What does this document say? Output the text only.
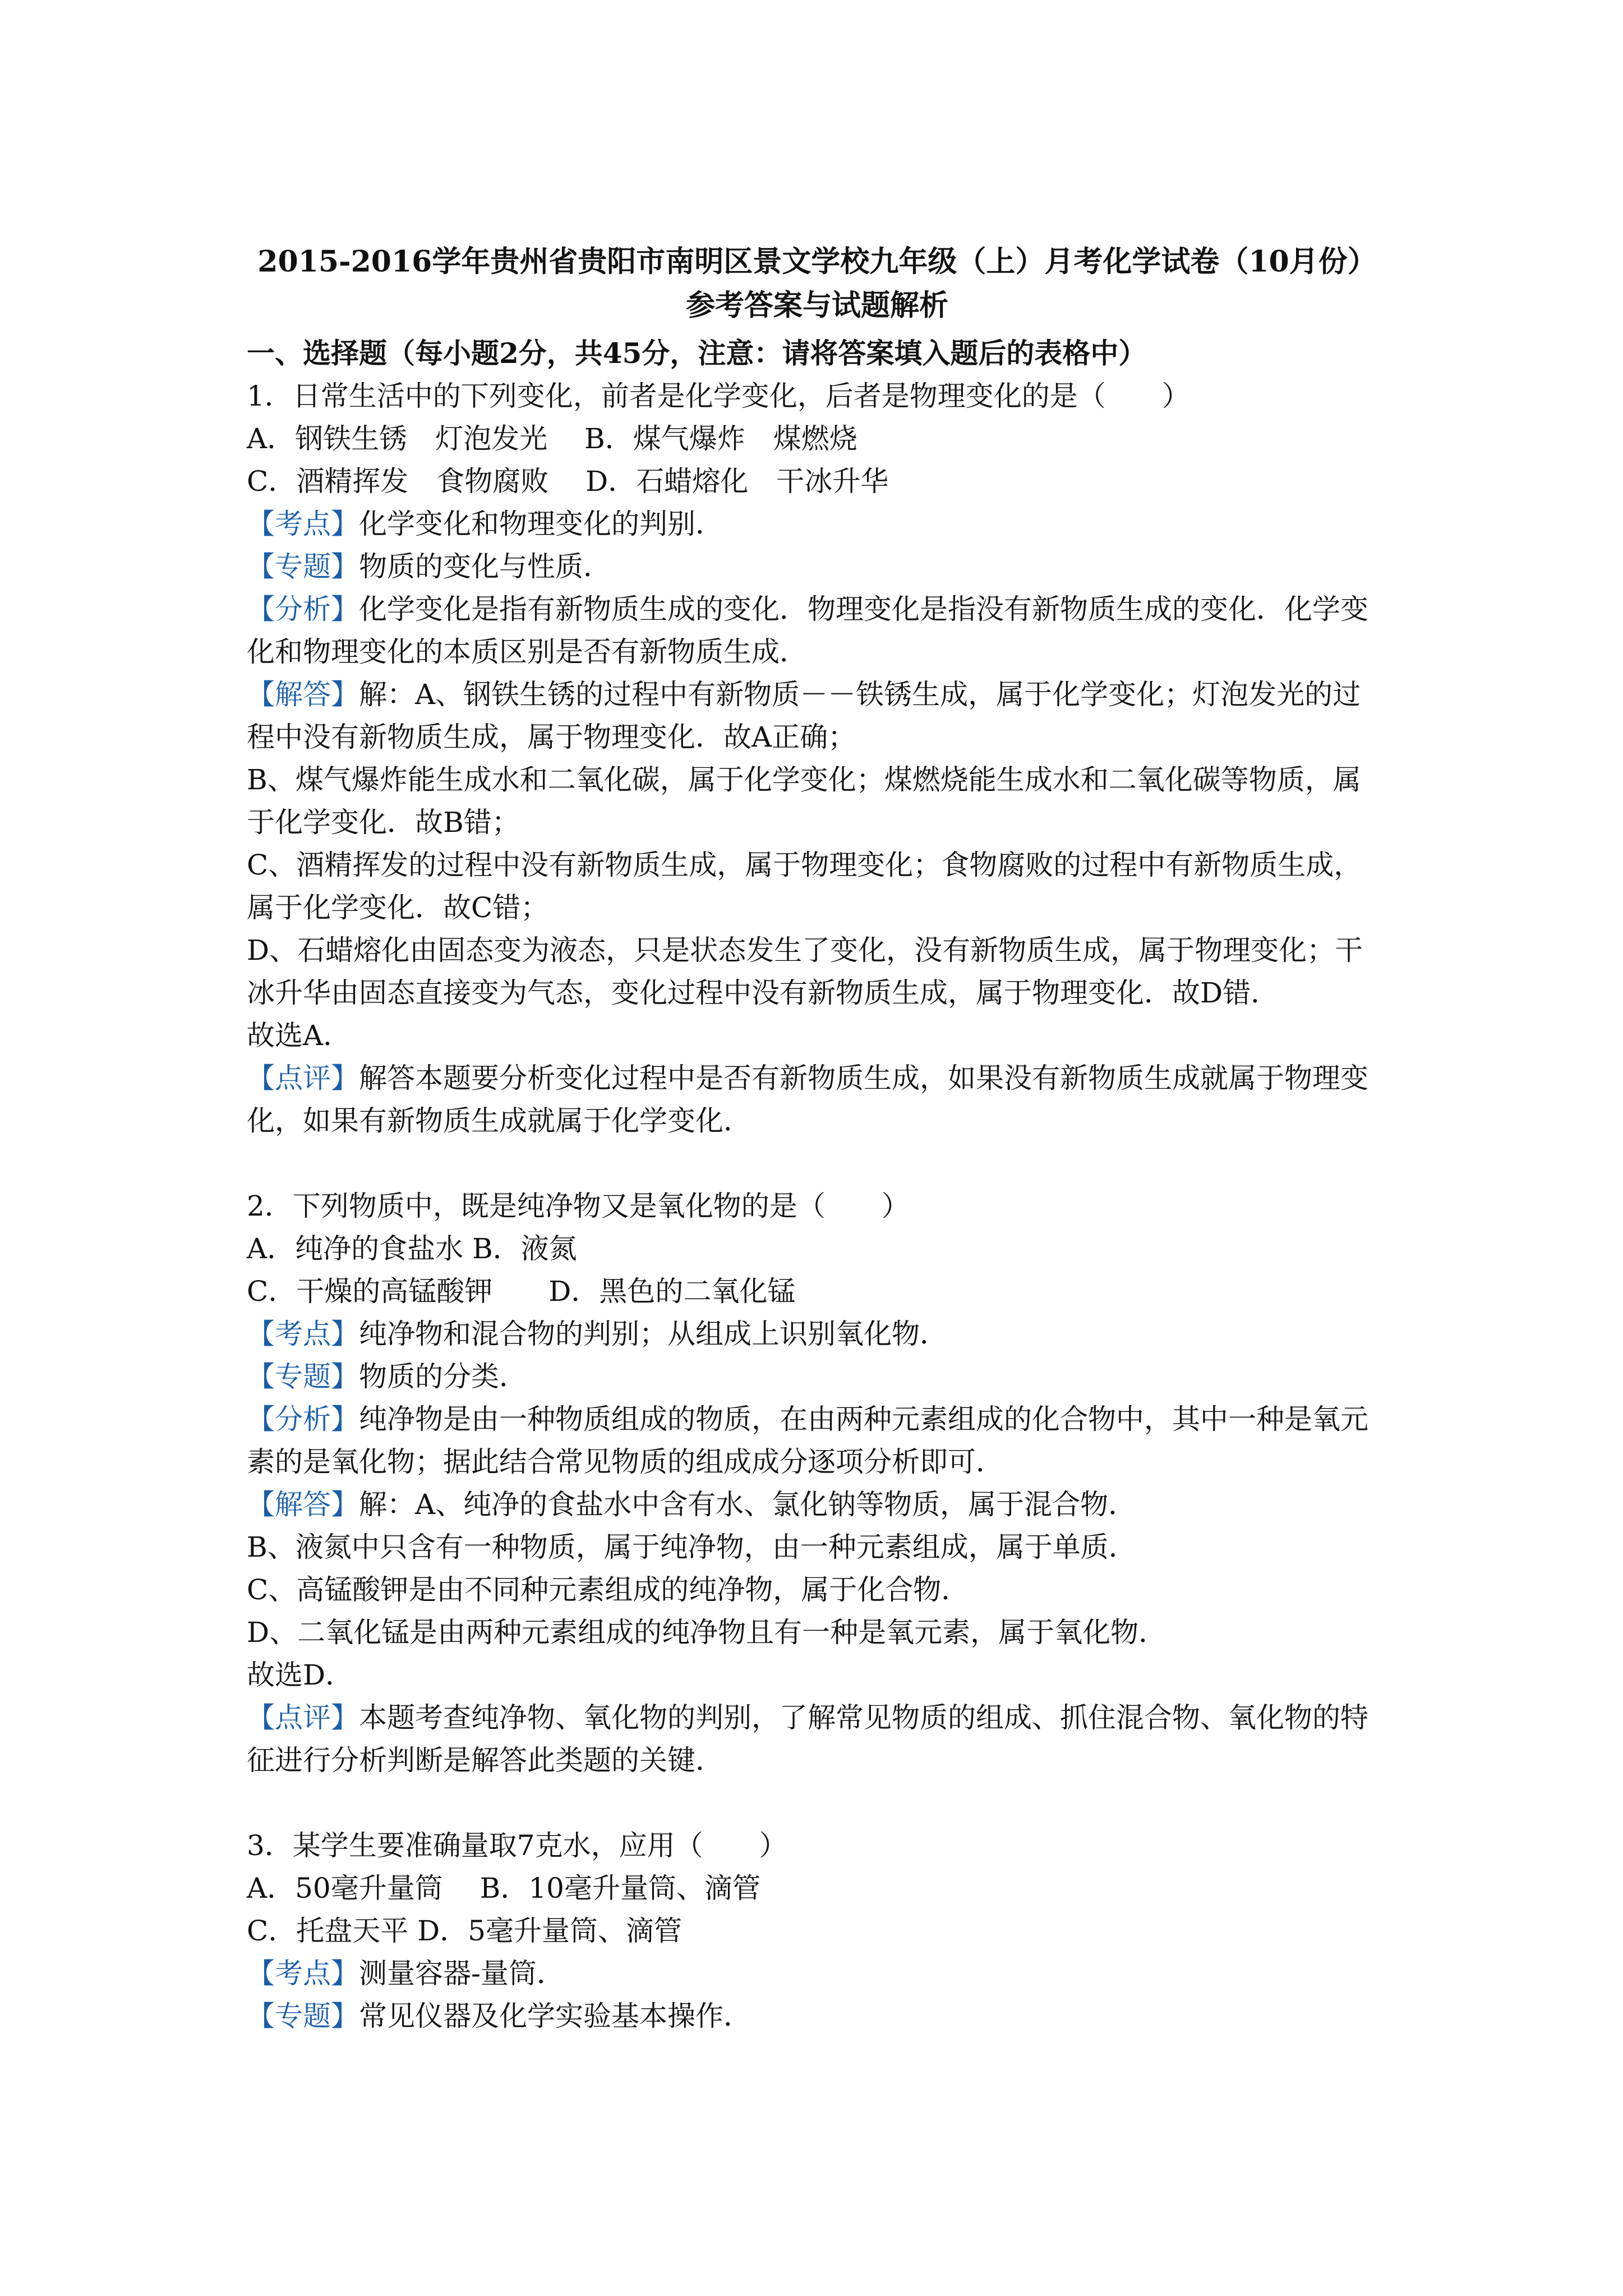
2015-2016学年贵州省贵阳市南明区景文学校九年级（上）月考化学试卷（10月份）
参考答案与试题解析
一、选择题（每小题2分，共45分，注意：请将答案填入题后的表格中）
1．日常生活中的下列变化，前者是化学变化，后者是物理变化的是（　　）
A．钢铁生锈　灯泡发光　 B．煤气爆炸　煤燃烧
C．酒精挥发　食物腐败　 D．石蜡熔化　干冰升华
【考点】化学变化和物理变化的判别．
【专题】物质的变化与性质．
【分析】化学变化是指有新物质生成的变化．物理变化是指没有新物质生成的变化．化学变
化和物理变化的本质区别是否有新物质生成．
【解答】解：A、钢铁生锈的过程中有新物质－－铁锈生成，属于化学变化；灯泡发光的过
程中没有新物质生成，属于物理变化．故A正确；
B、煤气爆炸能生成水和二氧化碳，属于化学变化；煤燃烧能生成水和二氧化碳等物质，属
于化学变化．故B错；
C、酒精挥发的过程中没有新物质生成，属于物理变化；食物腐败的过程中有新物质生成，
属于化学变化．故C错；
D、石蜡熔化由固态变为液态，只是状态发生了变化，没有新物质生成，属于物理变化；干
冰升华由固态直接变为气态，变化过程中没有新物质生成，属于物理变化．故D错．
故选A．
【点评】解答本题要分析变化过程中是否有新物质生成，如果没有新物质生成就属于物理变
化，如果有新物质生成就属于化学变化．
2．下列物质中，既是纯净物又是氧化物的是（　　）
A．纯净的食盐水 B．液氮
C．干燥的高锰酸钾　　D．黑色的二氧化锰
【考点】纯净物和混合物的判别；从组成上识别氧化物．
【专题】物质的分类．
【分析】纯净物是由一种物质组成的物质，在由两种元素组成的化合物中，其中一种是氧元
素的是氧化物；据此结合常见物质的组成成分逐项分析即可．
【解答】解：A、纯净的食盐水中含有水、氯化钠等物质，属于混合物．
B、液氮中只含有一种物质，属于纯净物，由一种元素组成，属于单质．
C、高锰酸钾是由不同种元素组成的纯净物，属于化合物．
D、二氧化锰是由两种元素组成的纯净物且有一种是氧元素，属于氧化物．
故选D．
【点评】本题考查纯净物、氧化物的判别，了解常见物质的组成、抓住混合物、氧化物的特
征进行分析判断是解答此类题的关键．
3．某学生要准确量取7克水，应用（　　）
A．50毫升量筒　 B．10毫升量筒、滴管
C．托盘天平 D．5毫升量筒、滴管
【考点】测量容器-量筒．
【专题】常见仪器及化学实验基本操作．
